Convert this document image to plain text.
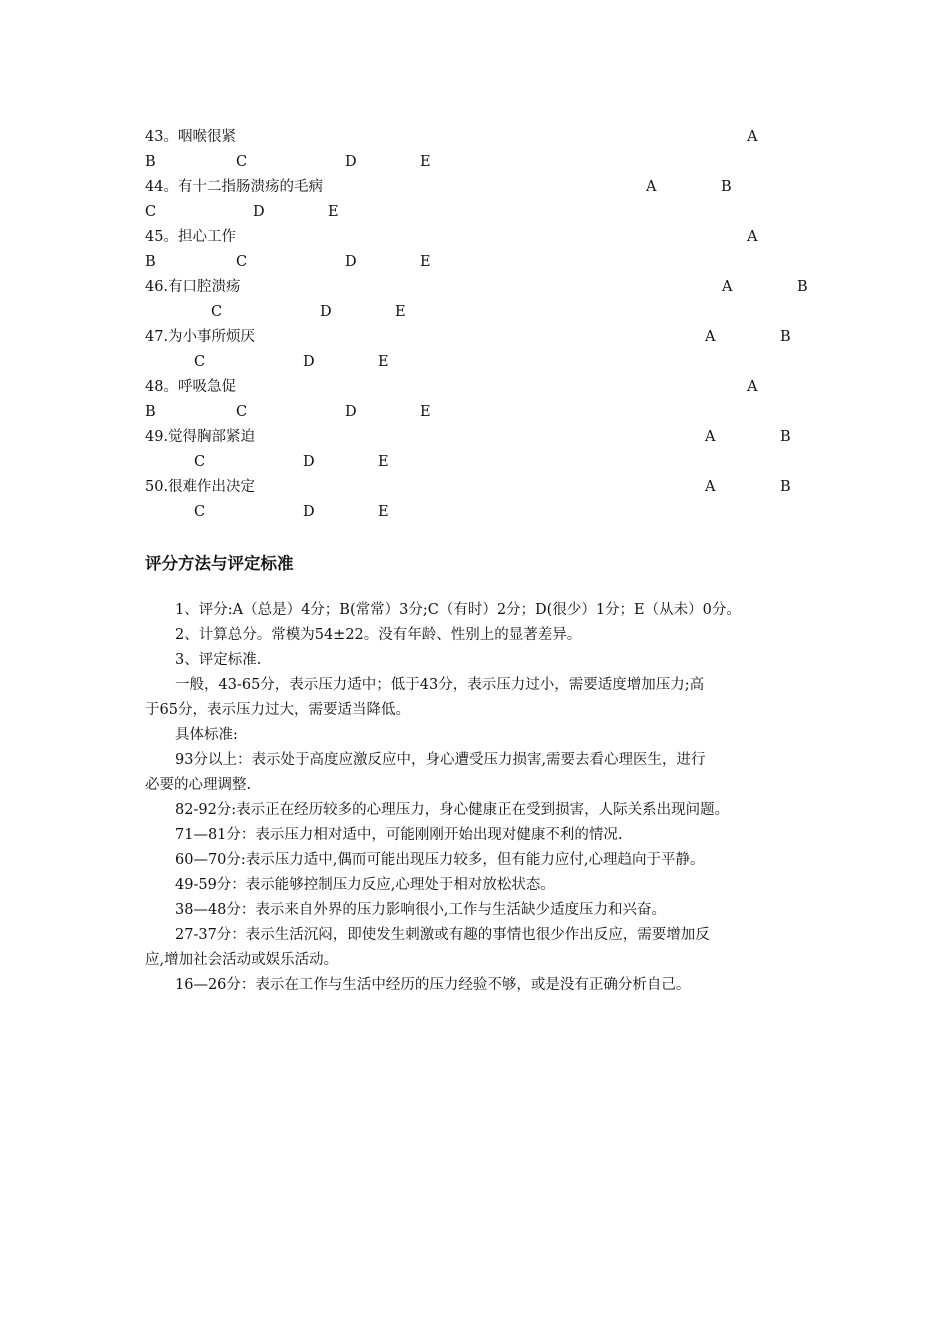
43。咽喉很紧	A
B	C	D	E
44。有十二指肠溃疡的毛病	A	B
C	D	E
45。担心工作	A
B	C	D	E
46.有口腔溃疡	A	B
C	D	E
47.为小事所烦厌	A	B
C	D	E
48。呼吸急促	A
B	C	D	E
49.觉得胸部紧迫	A	B
C	D	E
50.很难作出决定	A	B
C	D	E
评分方法与评定标准
1、评分:A（总是）4分；B(常常）3分;C（有时）2分；D(很少）1分；E（从未）0分。
2、计算总分。常模为54±22。没有年龄、性别上的显著差异。
3、评定标准.
一般，43-65分，表示压力适中；低于43分，表示压力过小，需要适度增加压力;高
于65分，表示压力过大，需要适当降低。
具体标准:
93分以上：表示处于高度应激反应中，身心遭受压力损害,需要去看心理医生，进行
必要的心理调整.
82-92分:表示正在经历较多的心理压力，身心健康正在受到损害，人际关系出现问题。
71—81分：表示压力相对适中，可能刚刚开始出现对健康不利的情况.
60—70分:表示压力适中,偶而可能出现压力较多，但有能力应付,心理趋向于平静。
49-59分：表示能够控制压力反应,心理处于相对放松状态。
38—48分：表示来自外界的压力影响很小,工作与生活缺少适度压力和兴奋。
27-37分：表示生活沉闷，即使发生刺激或有趣的事情也很少作出反应，需要增加反
应,增加社会活动或娱乐活动。
16—26分：表示在工作与生活中经历的压力经验不够，或是没有正确分析自己。
